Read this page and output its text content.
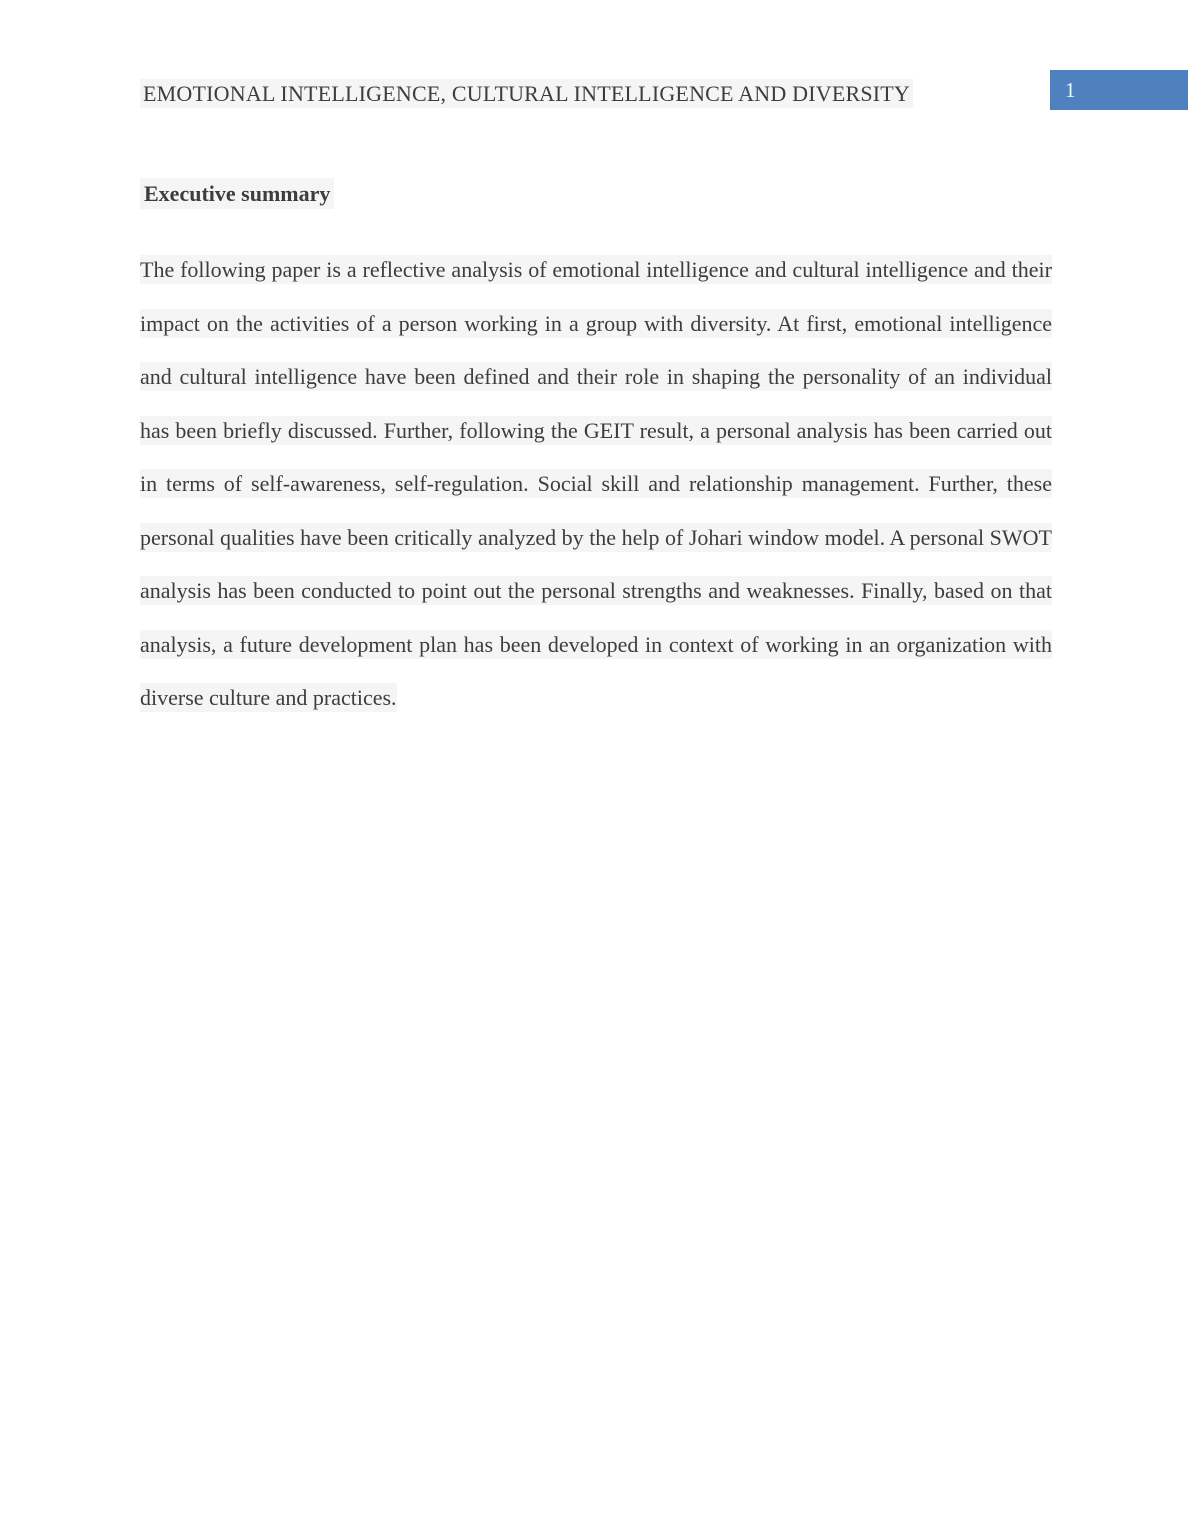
EMOTIONAL INTELLIGENCE, CULTURAL INTELLIGENCE AND DIVERSITY	1
Executive summary

The following paper is a reflective analysis of emotional intelligence and cultural intelligence and their impact on the activities of a person working in a group with diversity. At first, emotional intelligence and cultural intelligence have been defined and their role in shaping the personality of an individual has been briefly discussed. Further, following the GEIT result, a personal analysis has been carried out in terms of self-awareness, self-regulation. Social skill and relationship management. Further, these personal qualities have been critically analyzed by the help of Johari window model. A personal SWOT analysis has been conducted to point out the personal strengths and weaknesses. Finally, based on that analysis, a future development plan has been developed in context of working in an organization with diverse culture and practices.
